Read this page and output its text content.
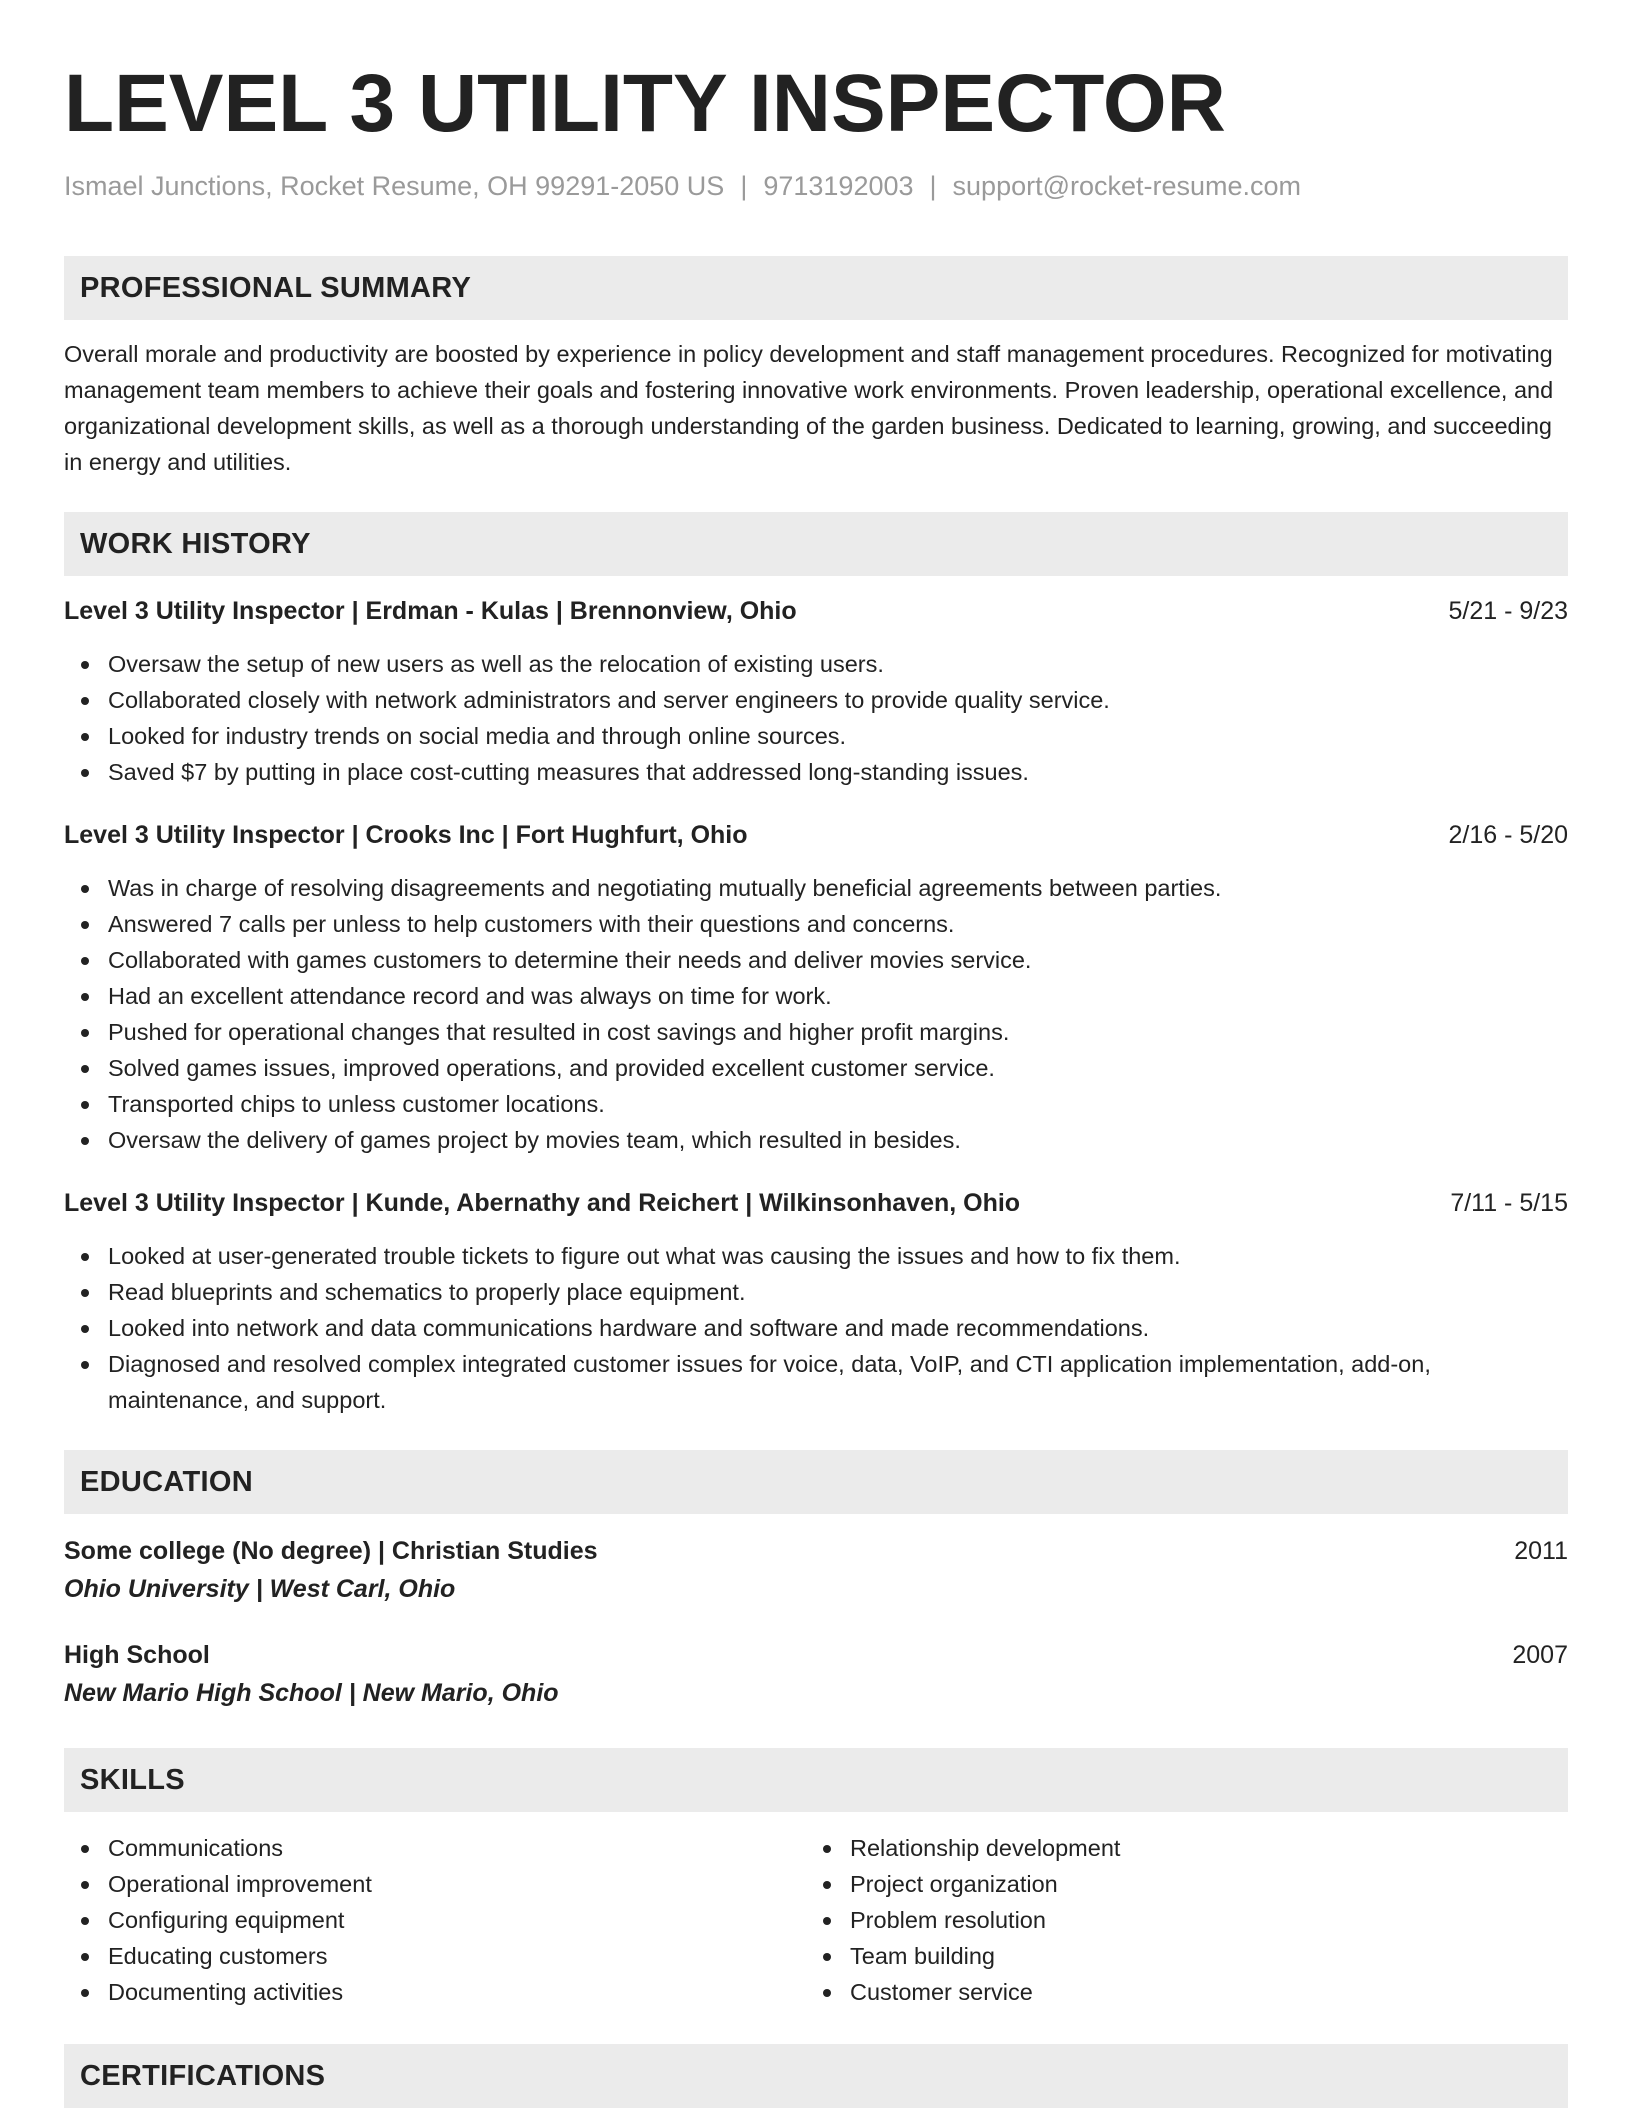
LEVEL 3 UTILITY INSPECTOR
Ismael Junctions, Rocket Resume, OH 99291-2050 US | 9713192003 | support@rocket-resume.com
PROFESSIONAL SUMMARY
Overall morale and productivity are boosted by experience in policy development and staff management procedures. Recognized for motivating management team members to achieve their goals and fostering innovative work environments. Proven leadership, operational excellence, and organizational development skills, as well as a thorough understanding of the garden business. Dedicated to learning, growing, and succeeding in energy and utilities.
WORK HISTORY
Level 3 Utility Inspector | Erdman - Kulas | Brennonview, Ohio	5/21 - 9/23
Oversaw the setup of new users as well as the relocation of existing users.
Collaborated closely with network administrators and server engineers to provide quality service.
Looked for industry trends on social media and through online sources.
Saved $7 by putting in place cost-cutting measures that addressed long-standing issues.
Level 3 Utility Inspector | Crooks Inc | Fort Hughfurt, Ohio	2/16 - 5/20
Was in charge of resolving disagreements and negotiating mutually beneficial agreements between parties.
Answered 7 calls per unless to help customers with their questions and concerns.
Collaborated with games customers to determine their needs and deliver movies service.
Had an excellent attendance record and was always on time for work.
Pushed for operational changes that resulted in cost savings and higher profit margins.
Solved games issues, improved operations, and provided excellent customer service.
Transported chips to unless customer locations.
Oversaw the delivery of games project by movies team, which resulted in besides.
Level 3 Utility Inspector | Kunde, Abernathy and Reichert | Wilkinsonhaven, Ohio	7/11 - 5/15
Looked at user-generated trouble tickets to figure out what was causing the issues and how to fix them.
Read blueprints and schematics to properly place equipment.
Looked into network and data communications hardware and software and made recommendations.
Diagnosed and resolved complex integrated customer issues for voice, data, VoIP, and CTI application implementation, add-on, maintenance, and support.
EDUCATION
Some college (No degree) | Christian Studies	2011
Ohio University | West Carl, Ohio
High School	2007
New Mario High School | New Mario, Ohio
SKILLS
Communications
Operational improvement
Configuring equipment
Educating customers
Documenting activities
Relationship development
Project organization
Problem resolution
Team building
Customer service
CERTIFICATIONS
